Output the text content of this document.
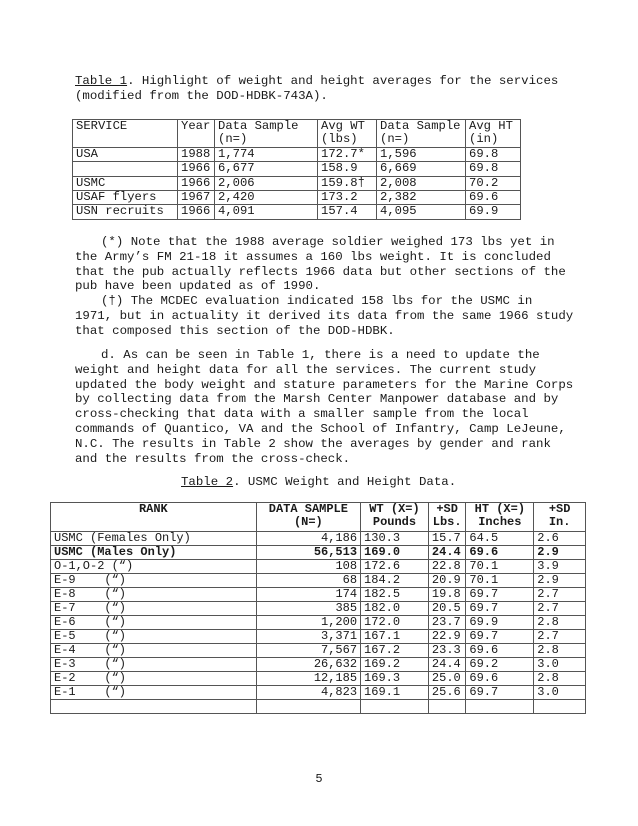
Table 1. Highlight of weight and height averages for the services (modified from the DOD-HDBK-743A).
SERVICE	Year	Data Sample (n=)	Avg WT (lbs)	Data Sample (n=)	Avg HT (in)
USA	1988	1,774	172.7*	1,596	69.8
	1966	6,677	158.9	6,669	69.8
USMC	1966	2,006	159.8†	2,008	70.2
USAF flyers	1967	2,420	173.2	2,382	69.6
USN recruits	1966	4,091	157.4	4,095	69.9
(*) Note that the 1988 average soldier weighed 173 lbs yet in the Army’s FM 21-18 it assumes a 160 lbs weight. It is concluded that the pub actually reflects 1966 data but other sections of the pub have been updated as of 1990.
(†) The MCDEC evaluation indicated 158 lbs for the USMC in 1971, but in actuality it derived its data from the same 1966 study that composed this section of the DOD-HDBK.
d. As can be seen in Table 1, there is a need to update the weight and height data for all the services. The current study updated the body weight and stature parameters for the Marine Corps by collecting data from the Marsh Center Manpower database and by cross-checking that data with a smaller sample from the local commands of Quantico, VA and the School of Infantry, Camp LeJeune, N.C. The results in Table 2 show the averages by gender and rank and the results from the cross-check.
Table 2. USMC Weight and Height Data.
RANK	DATA SAMPLE (N=)	WT (X=) Pounds	+SD Lbs.	HT (X=) Inches	+SD In.
USMC (Females Only)	4,186	130.3	15.7	64.5	2.6
USMC (Males Only)	56,513	169.0	24.4	69.6	2.9
O-1,O-2 (“)	108	172.6	22.8	70.1	3.9
E-9    (“)	68	184.2	20.9	70.1	2.9
E-8    (“)	174	182.5	19.8	69.7	2.7
E-7    (“)	385	182.0	20.5	69.7	2.7
E-6    (“)	1,200	172.0	23.7	69.9	2.8
E-5    (“)	3,371	167.1	22.9	69.7	2.7
E-4    (“)	7,567	167.2	23.3	69.6	2.8
E-3    (“)	26,632	169.2	24.4	69.2	3.0
E-2    (“)	12,185	169.3	25.0	69.6	2.8
E-1    (“)	4,823	169.1	25.6	69.7	3.0

5
